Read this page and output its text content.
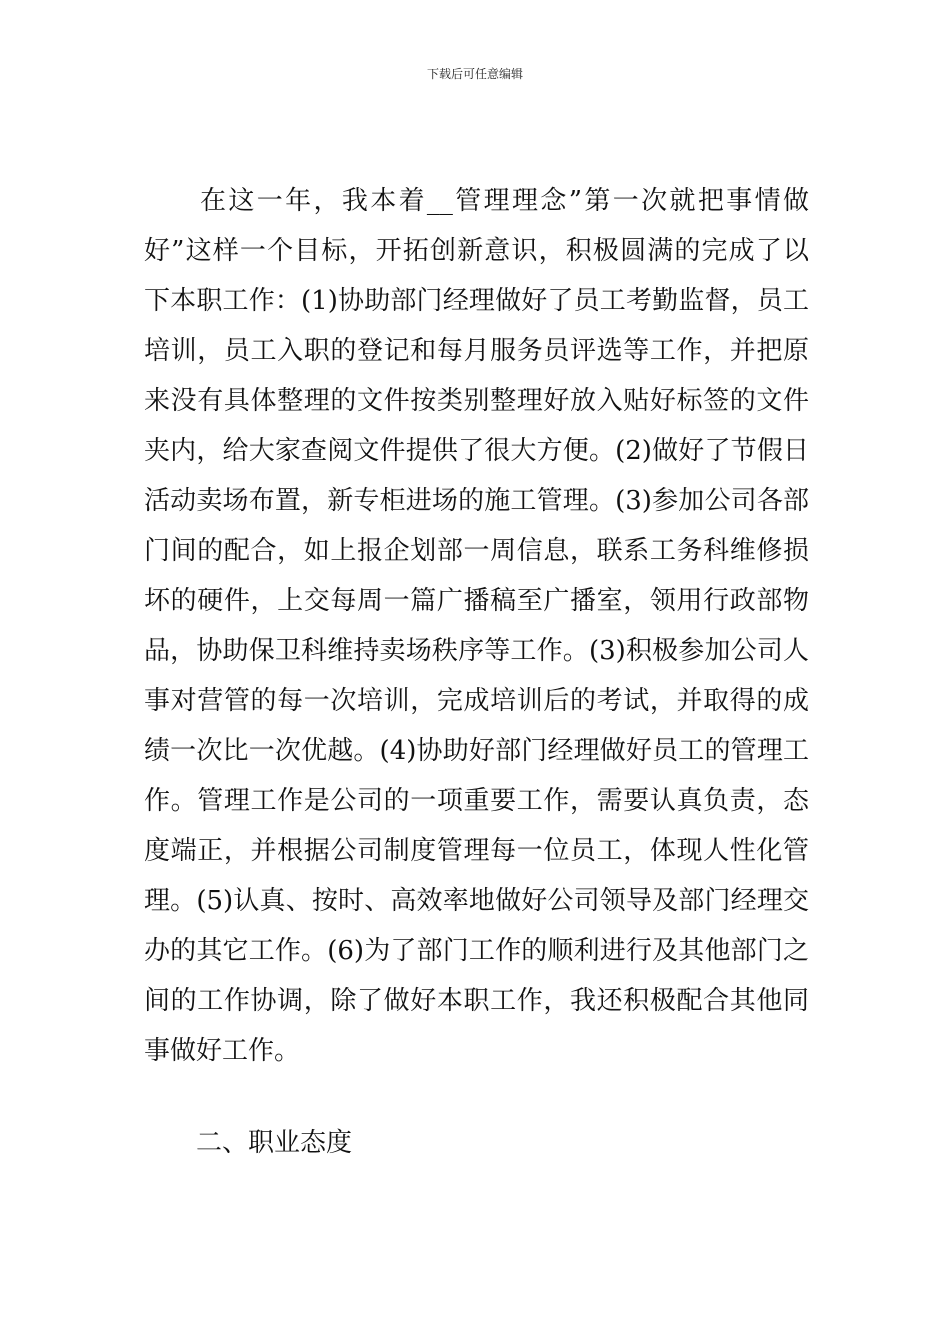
下载后可任意编辑
在这一年，我本着__管理理念”第一次就把事情做
好”这样一个目标，开拓创新意识，积极圆满的完成了以
下本职工作：(1)协助部门经理做好了员工考勤监督，员工
培训，员工入职的登记和每月服务员评选等工作，并把原
来没有具体整理的文件按类别整理好放入贴好标签的文件
夹内，给大家查阅文件提供了很大方便。(2)做好了节假日
活动卖场布置，新专柜进场的施工管理。(3)参加公司各部
门间的配合，如上报企划部一周信息，联系工务科维修损
坏的硬件，上交每周一篇广播稿至广播室，领用行政部物
品，协助保卫科维持卖场秩序等工作。(3)积极参加公司人
事对营管的每一次培训，完成培训后的考试，并取得的成
绩一次比一次优越。(4)协助好部门经理做好员工的管理工
作。管理工作是公司的一项重要工作，需要认真负责，态
度端正，并根据公司制度管理每一位员工，体现人性化管
理。(5)认真、按时、高效率地做好公司领导及部门经理交
办的其它工作。(6)为了部门工作的顺利进行及其他部门之
间的工作协调，除了做好本职工作，我还积极配合其他同
事做好工作。
二、职业态度
